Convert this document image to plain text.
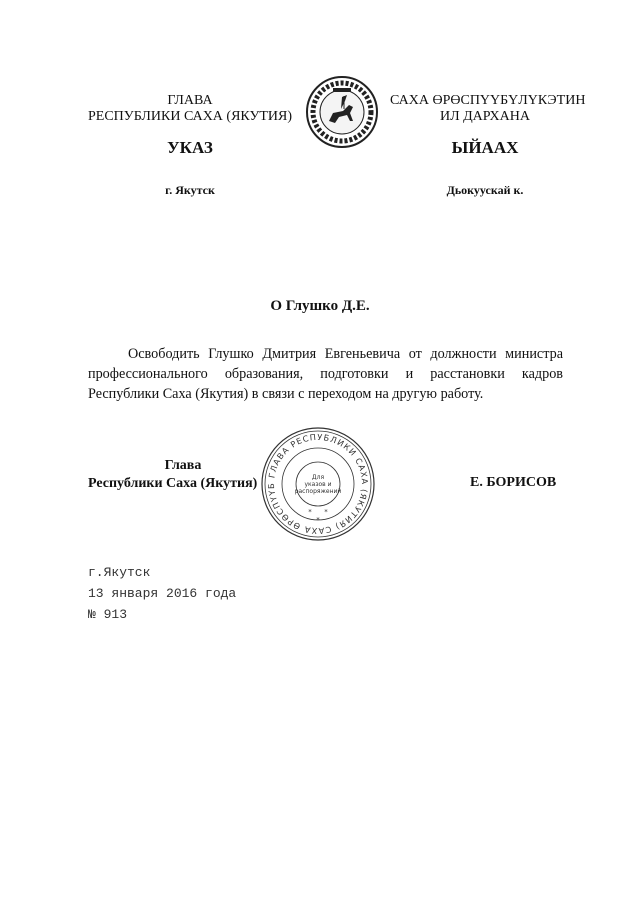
ГЛАВА
РЕСПУБЛИКИ САХА (ЯКУТИЯ)
САХА ӨРӨСПҮҮБҮЛҮКЭТИН
ИЛ ДАРХАНА
УКАЗ	ЫЙААХ
г. Якутск	Дьокуускай к.
О Глушко Д.Е.

Освободить Глушко Дмитрия Евгеньевича от должности министра профессионального образования, подготовки и расстановки кадров Республики Саха (Якутия) в связи с переходом на другую работу.

Глава
Республики Саха (Якутия)	Е. БОРИСОВ
ГЛАВА РЕСПУБЛИКИ САХА (ЯКУТИЯ) САХА ӨРӨСПҮҮБ
Для
указов и
распоряжений
* *
*
г.Якутск
13 января 2016 года
№ 913
